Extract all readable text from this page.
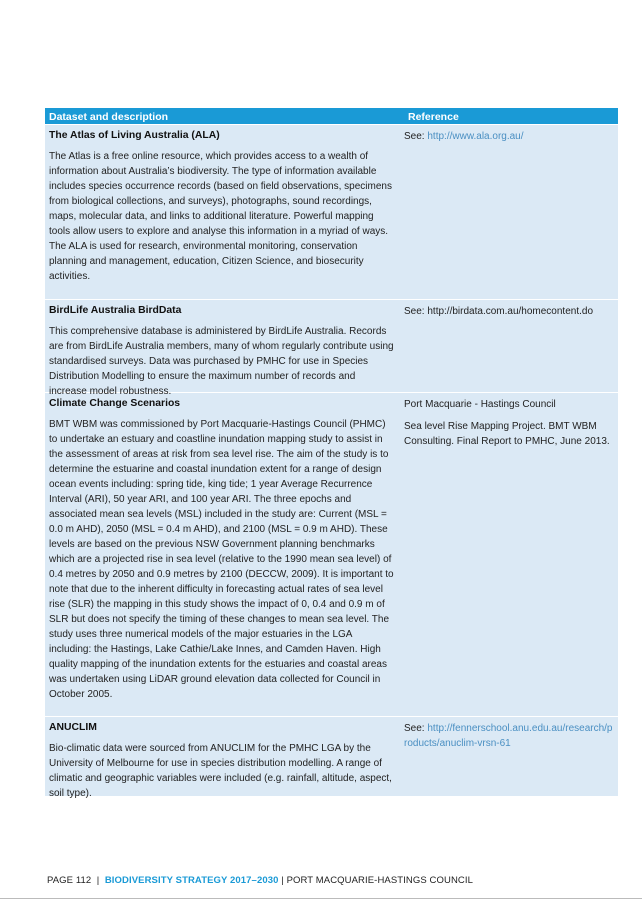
Dataset and description	Reference
The Atlas of Living Australia (ALA)
The Atlas is a free online resource, which provides access to a wealth of information about Australia’s biodiversity. The type of information available includes species occurrence records (based on field observations, specimens from biological collections, and surveys), photographs, sound recordings, maps, molecular data, and links to additional literature. Powerful mapping tools allow users to explore and analyse this information in a myriad of ways. The ALA is used for research, environmental monitoring, conservation planning and management, education, Citizen Science, and biosecurity activities.
See: http://www.ala.org.au/
BirdLife Australia BirdData
This comprehensive database is administered by BirdLife Australia. Records are from BirdLife Australia members, many of whom regularly contribute using standardised surveys. Data was purchased by PMHC for use in Species Distribution Modelling to ensure the maximum number of records and increase model robustness.
See: http://birdata.com.au/homecontent.do
Climate Change Scenarios
BMT WBM was commissioned by Port Macquarie-Hastings Council (PHMC) to undertake an estuary and coastline inundation mapping study to assist in the assessment of areas at risk from sea level rise. The aim of the study is to determine the estuarine and coastal inundation extent for a range of design ocean events including: spring tide, king tide; 1 year Average Recurrence Interval (ARI), 50 year ARI, and 100 year ARI. The three epochs and associated mean sea levels (MSL) included in the study are: Current (MSL = 0.0 m AHD), 2050 (MSL = 0.4 m AHD), and 2100 (MSL = 0.9 m AHD). These levels are based on the previous NSW Government planning benchmarks which are a projected rise in sea level (relative to the 1990 mean sea level) of 0.4 metres by 2050 and 0.9 metres by 2100 (DECCW, 2009). It is important to note that due to the inherent difficulty in forecasting actual rates of sea level rise (SLR) the mapping in this study shows the impact of 0, 0.4 and 0.9 m of SLR but does not specify the timing of these changes to mean sea level. The study uses three numerical models of the major estuaries in the LGA including: the Hastings, Lake Cathie/Lake Innes, and Camden Haven. High quality mapping of the inundation extents for the estuaries and coastal areas was undertaken using LiDAR ground elevation data collected for Council in October 2005.

Port Macquarie - Hastings Council

Sea level Rise Mapping Project. BMT WBM Consulting. Final Report to PMHC, June 2013.

ANUCLIM
Bio-climatic data were sourced from ANUCLIM for the PMHC LGA by the University of Melbourne for use in species distribution modelling. A range of climatic and geographic variables were included (e.g. rainfall, altitude, aspect, soil type).
See: http://fennerschool.anu.edu.au/research/products/anuclim-vrsn-61
PAGE 112 | BIODIVERSITY STRATEGY 2017–2030 | PORT MACQUARIE-HASTINGS COUNCIL
